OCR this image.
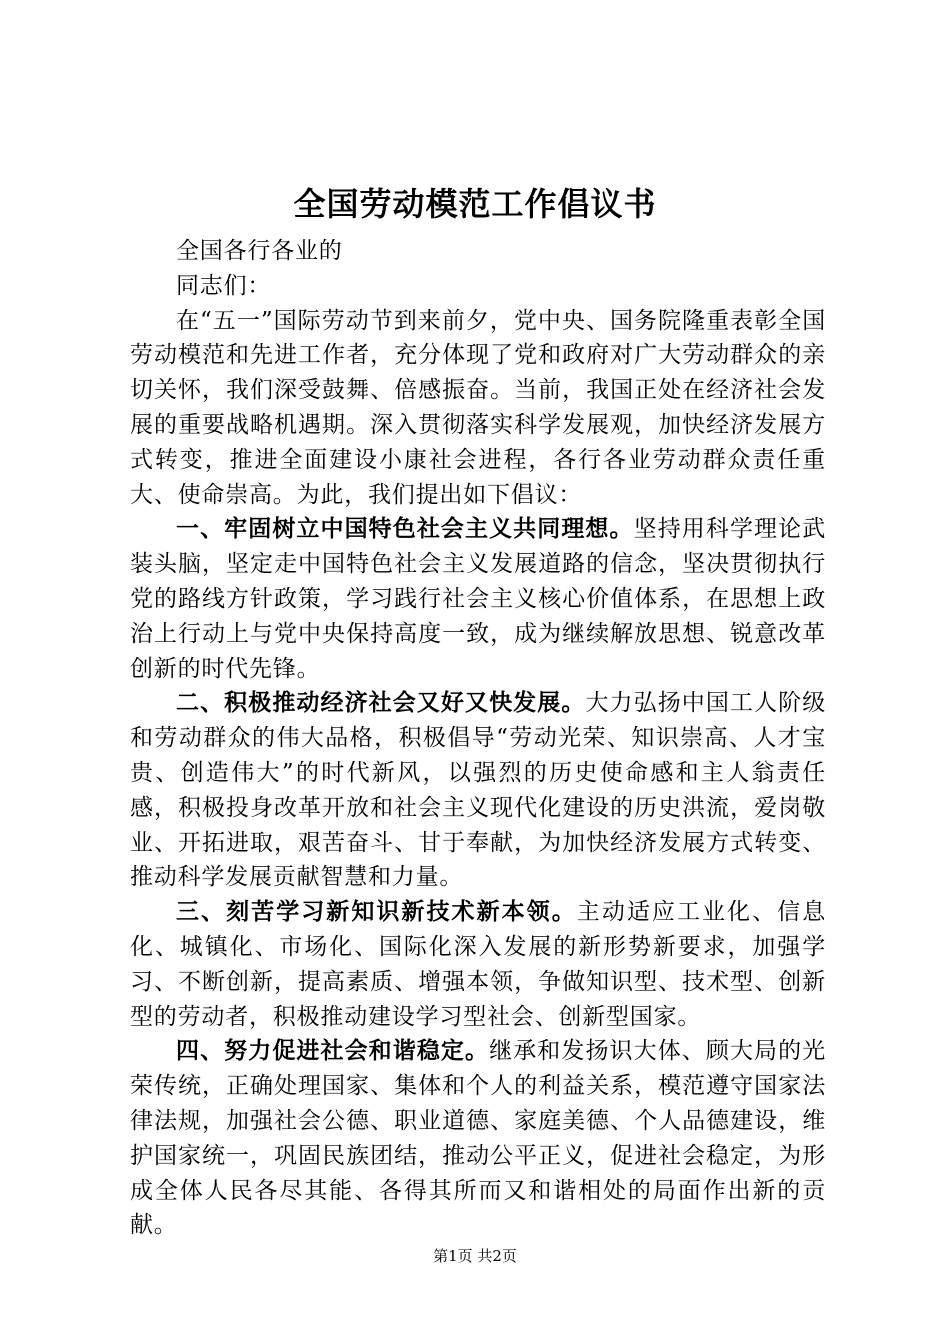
全国劳动模范工作倡议书

全国各行各业的

同志们：

在“五一”国际劳动节到来前夕，党中央、国务院隆重表彰全国劳动模范和先进工作者，充分体现了党和政府对广大劳动群众的亲切关怀，我们深受鼓舞、倍感振奋。当前，我国正处在经济社会发展的重要战略机遇期。深入贯彻落实科学发展观，加快经济发展方式转变，推进全面建设小康社会进程，各行各业劳动群众责任重大、使命崇高。为此，我们提出如下倡议：

一、牢固树立中国特色社会主义共同理想。坚持用科学理论武装头脑，坚定走中国特色社会主义发展道路的信念，坚决贯彻执行党的路线方针政策，学习践行社会主义核心价值体系，在思想上政治上行动上与党中央保持高度一致，成为继续解放思想、锐意改革创新的时代先锋。

二、积极推动经济社会又好又快发展。大力弘扬中国工人阶级和劳动群众的伟大品格，积极倡导“劳动光荣、知识崇高、人才宝贵、创造伟大”的时代新风，以强烈的历史使命感和主人翁责任感，积极投身改革开放和社会主义现代化建设的历史洪流，爱岗敬业、开拓进取，艰苦奋斗、甘于奉献，为加快经济发展方式转变、推动科学发展贡献智慧和力量。

三、刻苦学习新知识新技术新本领。主动适应工业化、信息化、城镇化、市场化、国际化深入发展的新形势新要求，加强学习、不断创新，提高素质、增强本领，争做知识型、技术型、创新型的劳动者，积极推动建设学习型社会、创新型国家。

四、努力促进社会和谐稳定。继承和发扬识大体、顾大局的光荣传统，正确处理国家、集体和个人的利益关系，模范遵守国家法律法规，加强社会公德、职业道德、家庭美德、个人品德建设，维护国家统一，巩固民族团结，推动公平正义，促进社会稳定，为形成全体人民各尽其能、各得其所而又和谐相处的局面作出新的贡献。

第1页 共2页
